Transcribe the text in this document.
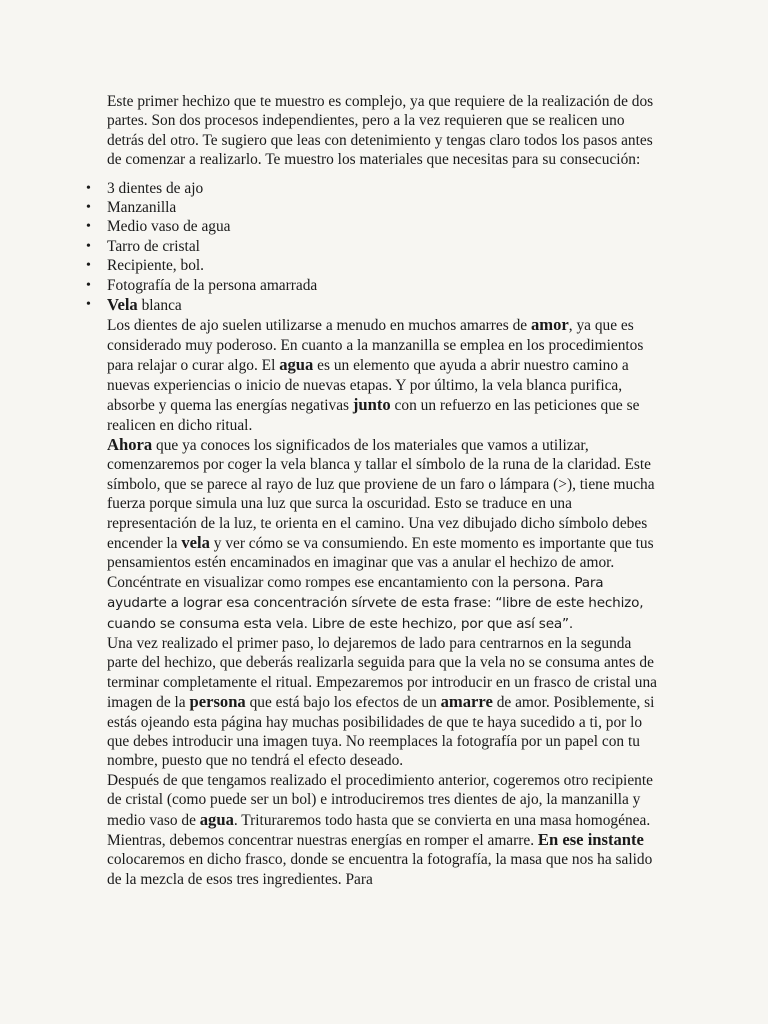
Este primer hechizo que te muestro es complejo, ya que requiere de la realización de dos partes. Son dos procesos independientes, pero a la vez requieren que se realicen uno detrás del otro. Te sugiero que leas con detenimiento y tengas claro todos los pasos antes de comenzar a realizarlo. Te muestro los materiales que necesitas para su consecución:

• 3 dientes de ajo
• Manzanilla
• Medio vaso de agua
• Tarro de cristal
• Recipiente, bol.
• Fotografía de la persona amarrada
• Vela blanca

Los dientes de ajo suelen utilizarse a menudo en muchos amarres de amor, ya que es considerado muy poderoso. En cuanto a la manzanilla se emplea en los procedimientos para relajar o curar algo. El agua es un elemento que ayuda a abrir nuestro camino a nuevas experiencias o inicio de nuevas etapas. Y por último, la vela blanca purifica, absorbe y quema las energías negativas junto con un refuerzo en las peticiones que se realicen en dicho ritual.

Ahora que ya conoces los significados de los materiales que vamos a utilizar, comenzaremos por coger la vela blanca y tallar el símbolo de la runa de la claridad. Este símbolo, que se parece al rayo de luz que proviene de un faro o lámpara (>), tiene mucha fuerza porque simula una luz que surca la oscuridad. Esto se traduce en una representación de la luz, te orienta en el camino. Una vez dibujado dicho símbolo debes encender la vela y ver cómo se va consumiendo. En este momento es importante que tus pensamientos estén encaminados en imaginar que vas a anular el hechizo de amor. Concéntrate en visualizar como rompes ese encantamiento con la persona. Para ayudarte a lograr esa concentración sírvete de esta frase: “libre de este hechizo, cuando se consuma esta vela. Libre de este hechizo, por que así sea”.

Una vez realizado el primer paso, lo dejaremos de lado para centrarnos en la segunda parte del hechizo, que deberás realizarla seguida para que la vela no se consuma antes de terminar completamente el ritual. Empezaremos por introducir en un frasco de cristal una imagen de la persona que está bajo los efectos de un amarre de amor. Posiblemente, si estás ojeando esta página hay muchas posibilidades de que te haya sucedido a ti, por lo que debes introducir una imagen tuya. No reemplaces la fotografía por un papel con tu nombre, puesto que no tendrá el efecto deseado.

Después de que tengamos realizado el procedimiento anterior, cogeremos otro recipiente de cristal (como puede ser un bol) e introduciremos tres dientes de ajo, la manzanilla y medio vaso de agua. Trituraremos todo hasta que se convierta en una masa homogénea. Mientras, debemos concentrar nuestras energías en romper el amarre. En ese instante colocaremos en dicho frasco, donde se encuentra la fotografía, la masa que nos ha salido de la mezcla de esos tres ingredientes. Para
